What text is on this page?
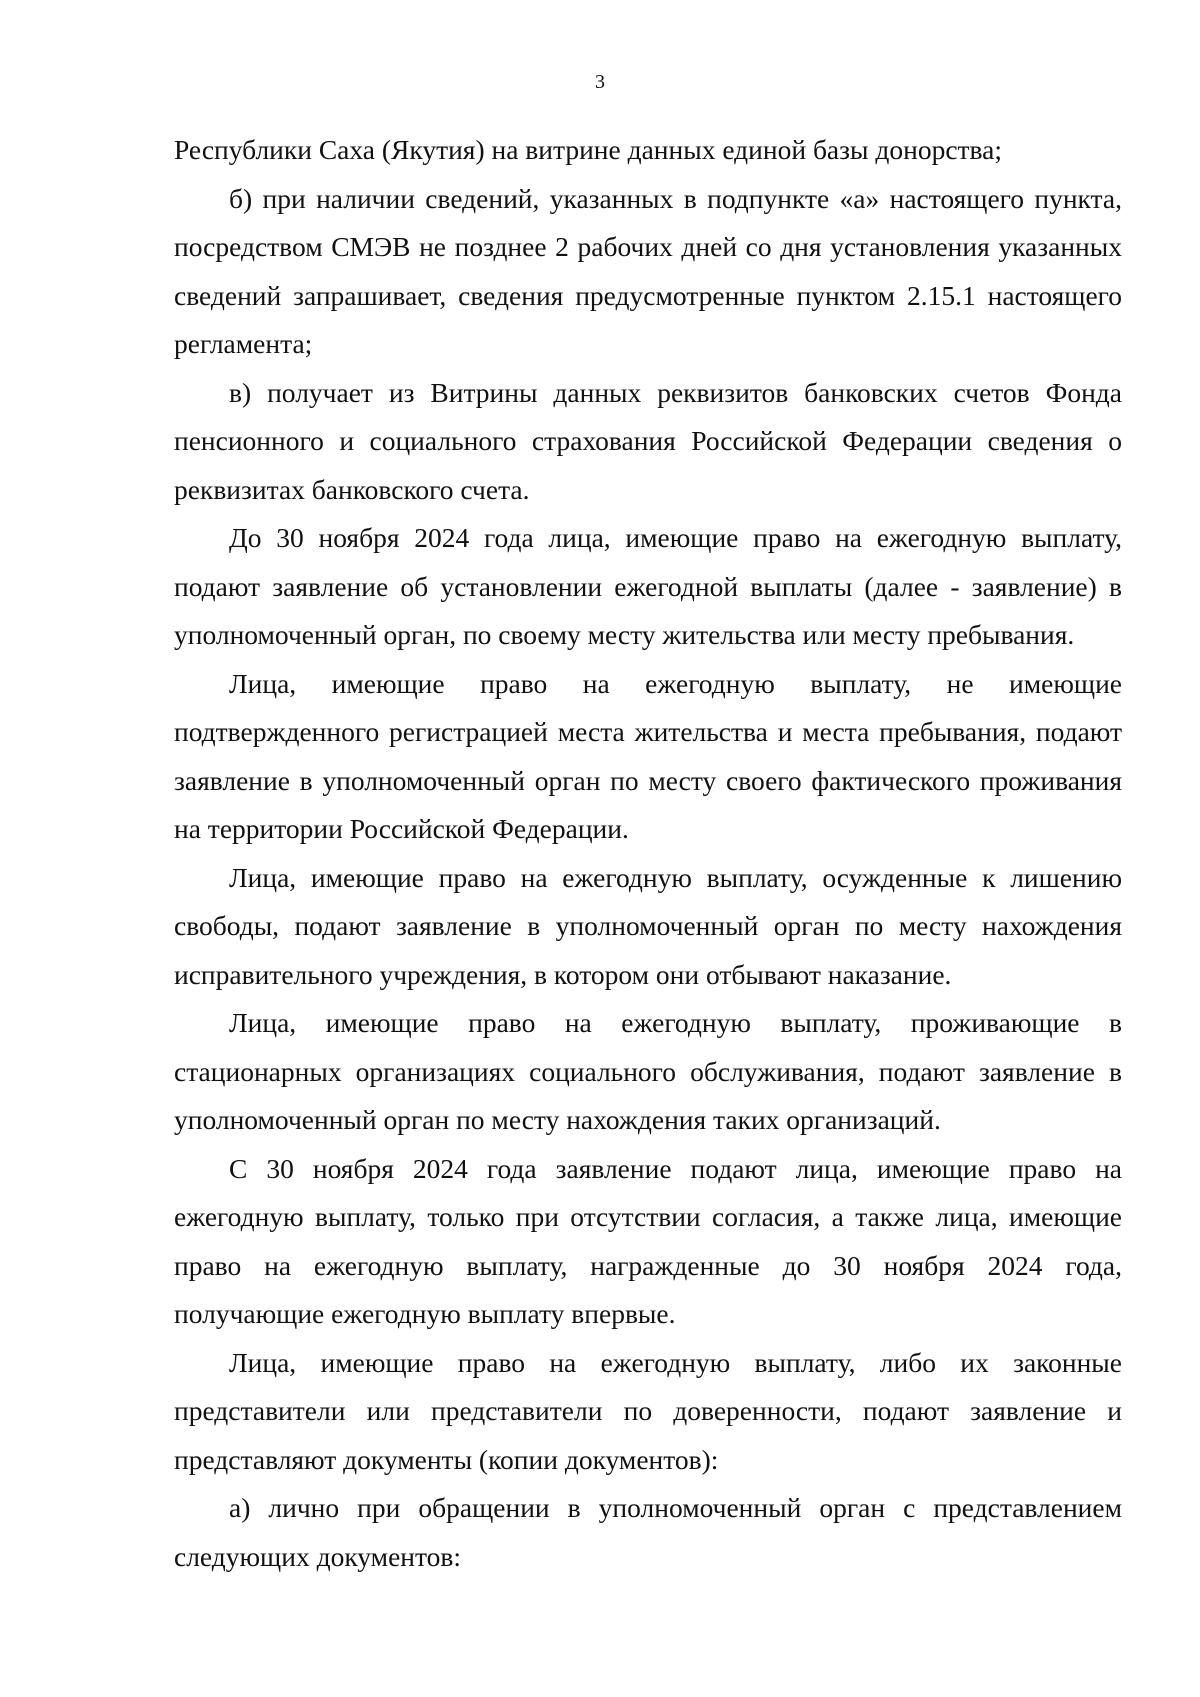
3

Республики Саха (Якутия) на витрине данных единой базы донорства;

б) при наличии сведений, указанных в подпункте «а» настоящего пункта, посредством СМЭВ не позднее 2 рабочих дней со дня установления указанных сведений запрашивает, сведения предусмотренные пунктом 2.15.1 настоящего регламента;

в) получает из Витрины данных реквизитов банковских счетов Фонда пенсионного и социального страхования Российской Федерации сведения о реквизитах банковского счета.

До 30 ноября 2024 года лица, имеющие право на ежегодную выплату, подают заявление об установлении ежегодной выплаты (далее - заявление) в уполномоченный орган, по своему месту жительства или месту пребывания.

Лица, имеющие право на ежегодную выплату, не имеющие подтвержденного регистрацией места жительства и места пребывания, подают заявление в уполномоченный орган по месту своего фактического проживания на территории Российской Федерации.

Лица, имеющие право на ежегодную выплату, осужденные к лишению свободы, подают заявление в уполномоченный орган по месту нахождения исправительного учреждения, в котором они отбывают наказание.

Лица, имеющие право на ежегодную выплату, проживающие в стационарных организациях социального обслуживания, подают заявление в уполномоченный орган по месту нахождения таких организаций.

С 30 ноября 2024 года заявление подают лица, имеющие право на ежегодную выплату, только при отсутствии согласия, а также лица, имеющие право на ежегодную выплату, награжденные до 30 ноября 2024 года, получающие ежегодную выплату впервые.

Лица, имеющие право на ежегодную выплату, либо их законные представители или представители по доверенности, подают заявление и представляют документы (копии документов):

а) лично при обращении в уполномоченный орган с представлением следующих документов:
